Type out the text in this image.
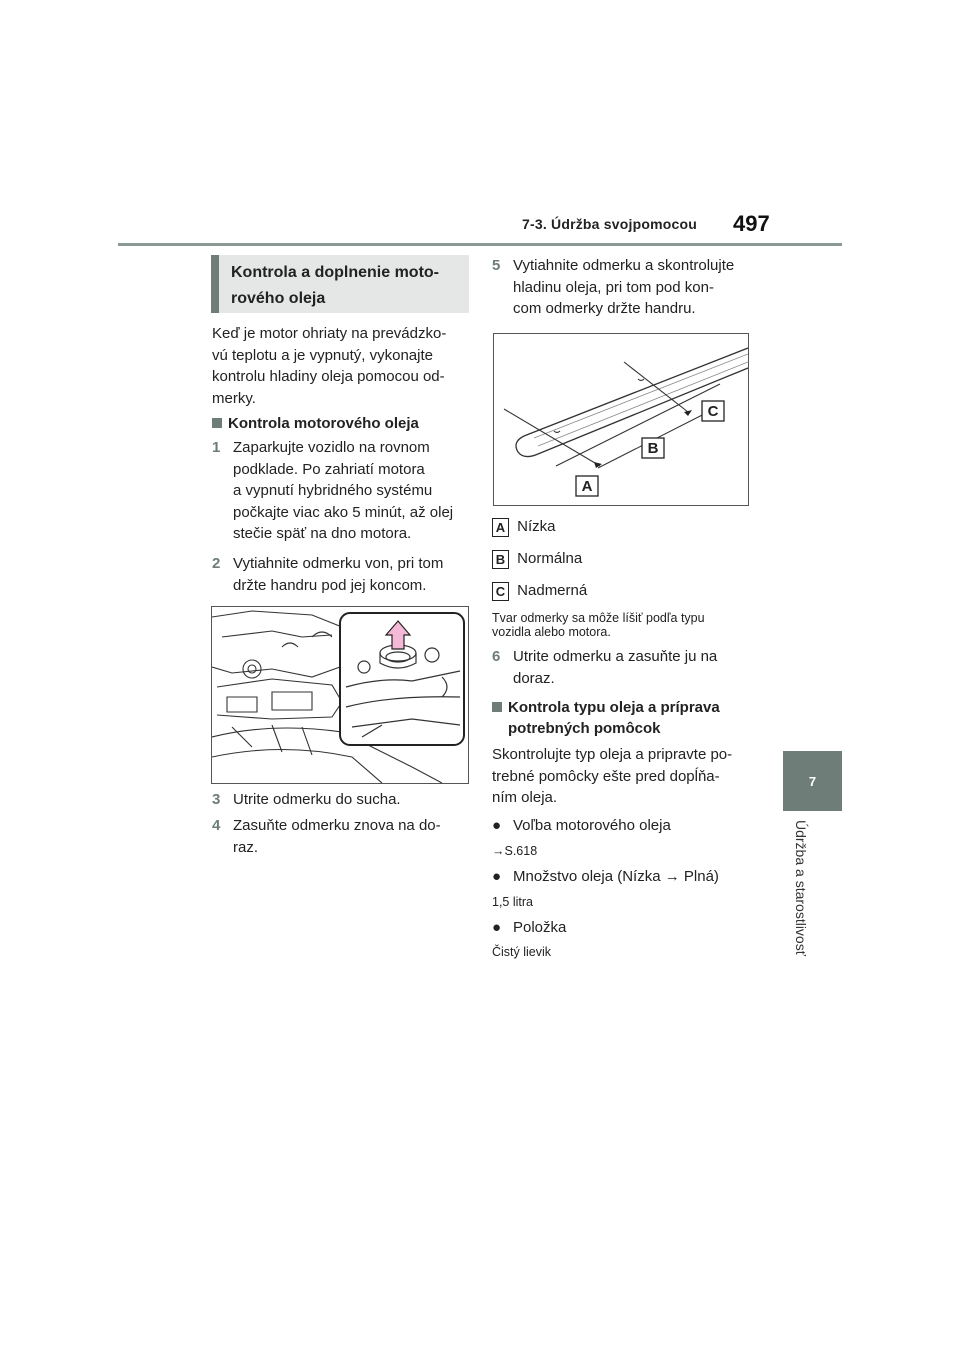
7-3. Údržba svojpomocou 497
7
Údržba a starostlivosť
Kontrola a doplnenie moto-
rového oleja
Keď je motor ohriaty na prevádzko-
vú teplotu a je vypnutý, vykonajte
kontrolu hladiny oleja pomocou od-
merky.
Kontrola motorového oleja
1 Zaparkujte vozidlo na rovnom
podklade. Po zahriatí motora
a vypnutí hybridného systému
počkajte viac ako 5 minút, až olej
stečie späť na dno motora.
2 Vytiahnite odmerku von, pri tom
držte handru pod jej koncom.
3 Utrite odmerku do sucha.
4 Zasuňte odmerku znova na do-
raz.
5 Vytiahnite odmerku a skontrolujte
hladinu oleja, pri tom pod kon-
com odmerky držte handru.
C
B
A
A Nízka
B Normálna
C Nadmerná
Tvar odmerky sa môže líšiť podľa typu
vozidla alebo motora.
6 Utrite odmerku a zasuňte ju na
doraz.
Kontrola typu oleja a príprava
potrebných pomôcok
Skontrolujte typ oleja a pripravte po-
trebné pomôcky ešte pred dopĺňa-
ním oleja.
● Voľba motorového oleja
→S.618
● Množstvo oleja (Nízka → Plná)
1,5 litra
● Položka
Čistý lievik
